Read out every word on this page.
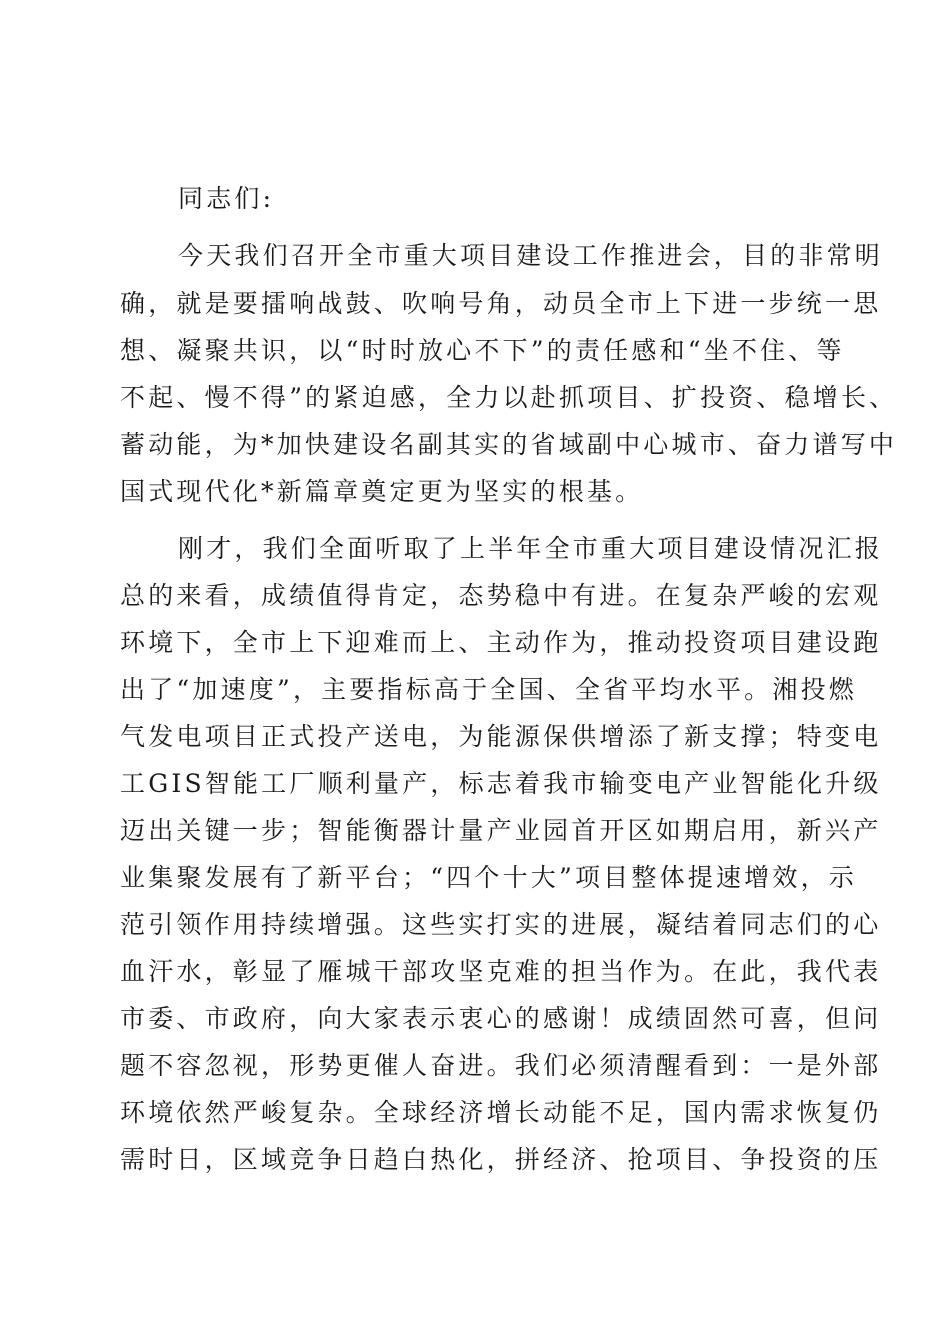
同志们:
今天我们召开全市重大项目建设工作推进会，目的非常明
确，就是要擂响战鼓、吹响号角，动员全市上下进一步统一思
想、凝聚共识，以“时时放心不下”的责任感和“坐不住、等
不起、慢不得”的紧迫感，全力以赴抓项目、扩投资、稳增长、
蓄动能，为*加快建设名副其实的省域副中心城市、奋力谱写中
国式现代化*新篇章奠定更为坚实的根基。
刚才，我们全面听取了上半年全市重大项目建设情况汇报
总的来看，成绩值得肯定，态势稳中有进。在复杂严峻的宏观
环境下，全市上下迎难而上、主动作为，推动投资项目建设跑
出了“加速度”，主要指标高于全国、全省平均水平。湘投燃
气发电项目正式投产送电，为能源保供增添了新支撑；特变电
工GIS智能工厂顺利量产，标志着我市输变电产业智能化升级
迈出关键一步；智能衡器计量产业园首开区如期启用，新兴产
业集聚发展有了新平台；“四个十大”项目整体提速增效，示
范引领作用持续增强。这些实打实的进展，凝结着同志们的心
血汗水，彰显了雁城干部攻坚克难的担当作为。在此，我代表
市委、市政府，向大家表示衷心的感谢！成绩固然可喜，但问
题不容忽视，形势更催人奋进。我们必须清醒看到：一是外部
环境依然严峻复杂。全球经济增长动能不足，国内需求恢复仍
需时日，区域竞争日趋白热化，拼经济、抢项目、争投资的压
